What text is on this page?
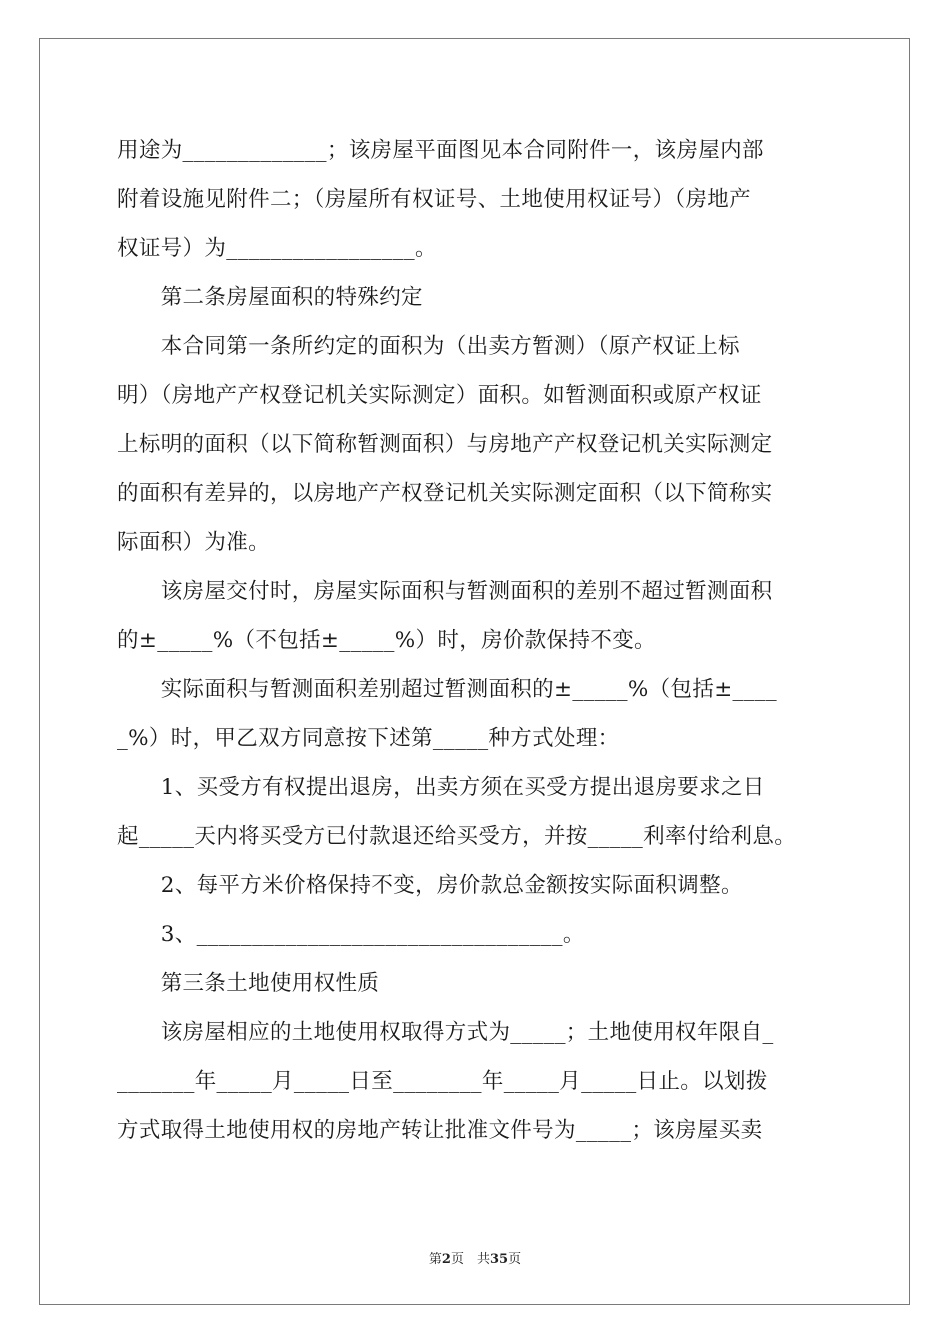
用途为_____________；该房屋平面图见本合同附件一，该房屋内部
附着设施见附件二；（房屋所有权证号、土地使用权证号）（房地产
权证号）为_________________。
　　第二条房屋面积的特殊约定
　　本合同第一条所约定的面积为（出卖方暂测）（原产权证上标
明）（房地产产权登记机关实际测定）面积。如暂测面积或原产权证
上标明的面积（以下简称暂测面积）与房地产产权登记机关实际测定
的面积有差异的，以房地产产权登记机关实际测定面积（以下简称实
际面积）为准。
　　该房屋交付时，房屋实际面积与暂测面积的差别不超过暂测面积
的±_____%（不包括±_____%）时，房价款保持不变。
　　实际面积与暂测面积差别超过暂测面积的±_____%（包括±____
_%）时，甲乙双方同意按下述第_____种方式处理：
　　1、买受方有权提出退房，出卖方须在买受方提出退房要求之日
起_____天内将买受方已付款退还给买受方，并按_____利率付给利息。
　　2、每平方米价格保持不变，房价款总金额按实际面积调整。
　　3、_________________________________。
　　第三条土地使用权性质
　　该房屋相应的土地使用权取得方式为_____；土地使用权年限自_
_______年_____月_____日至________年_____月_____日止。以划拨
方式取得土地使用权的房地产转让批准文件号为_____；该房屋买卖
第2页　共35页
